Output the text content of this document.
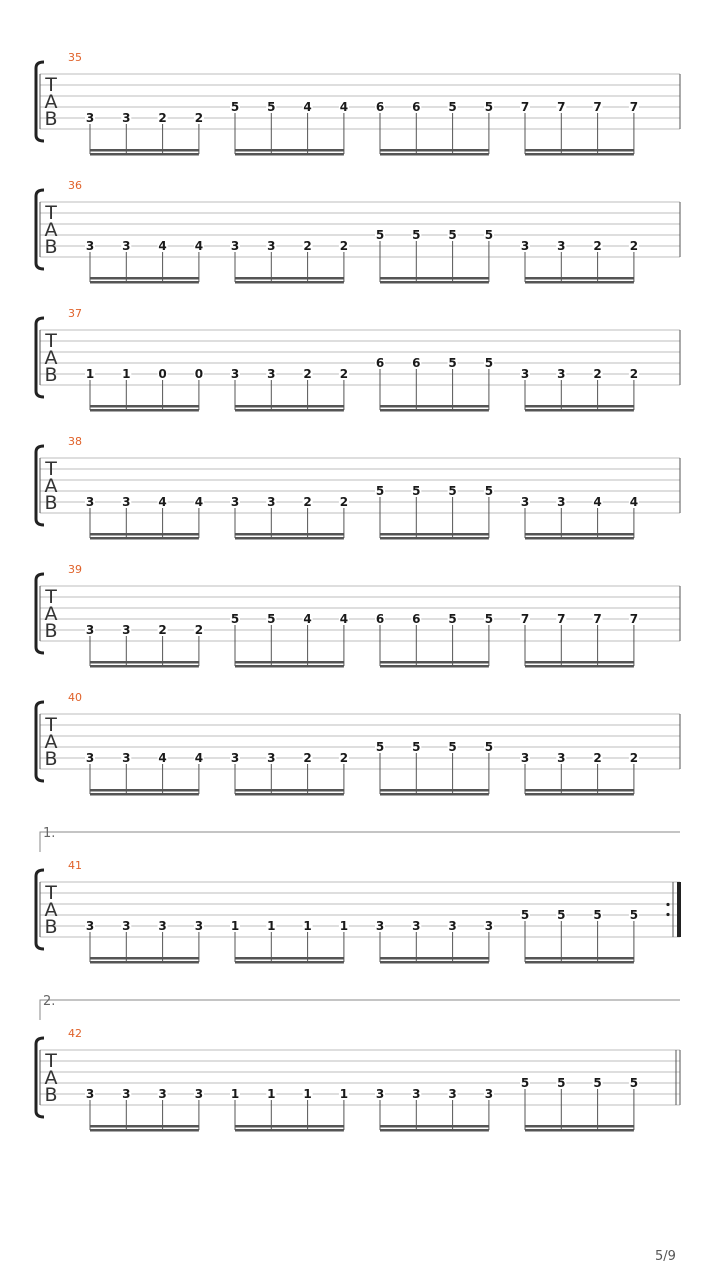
35
T
A
B 3 3 2 2
5 5 4 4 6 6 5 5 7 7 7 7
36
T
A
B 3 3 4 4 3 3 2 2
5 5 5 5
3 3 2 2
37
T
A
B 1 1 0 0 3 3 2 2
6 6 5 5
3 3 2 2
38
T
A
B 3 3 4 4 3 3 2 2
5 5 5 5
3 3 4 4
39
T
A
B 3 3 2 2
5 5 4 4 6 6 5 5 7 7 7 7
40
T
A
B 3 3 4 4 3 3 2 2
5 5 5 5
3 3 2 2
1.
41
T
A
B 3 3 3 3 1 1 1 1 3 3 3 3
5 5 5 5
2.
42
T
A
B 3 3 3 3 1 1 1 1 3 3 3 3
5 5 5 5
5/9
